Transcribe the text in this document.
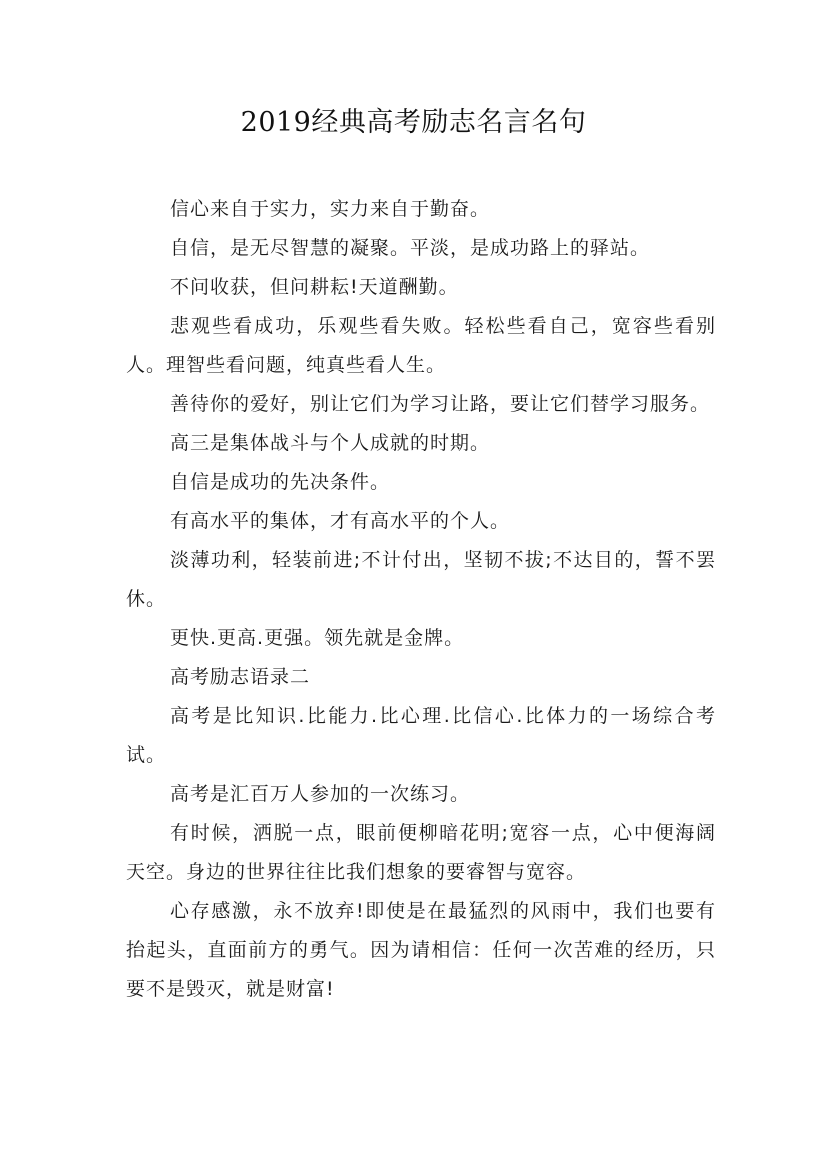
2019经典高考励志名言名句

信心来自于实力，实力来自于勤奋。

自信，是无尽智慧的凝聚。平淡，是成功路上的驿站。

不问收获，但问耕耘!天道酬勤。

悲观些看成功，乐观些看失败。轻松些看自己，宽容些看别人。理智些看问题，纯真些看人生。

善待你的爱好，别让它们为学习让路，要让它们替学习服务。

高三是集体战斗与个人成就的时期。

自信是成功的先决条件。

有高水平的集体，才有高水平的个人。

淡薄功利，轻装前进;不计付出，坚韧不拔;不达目的，誓不罢休。

更快.更高.更强。领先就是金牌。

高考励志语录二

高考是比知识.比能力.比心理.比信心.比体力的一场综合考试。

高考是汇百万人参加的一次练习。

有时候，洒脱一点，眼前便柳暗花明;宽容一点，心中便海阔天空。身边的世界往往比我们想象的要睿智与宽容。

心存感激，永不放弃!即使是在最猛烈的风雨中，我们也要有抬起头，直面前方的勇气。因为请相信：任何一次苦难的经历，只要不是毁灭，就是财富!
